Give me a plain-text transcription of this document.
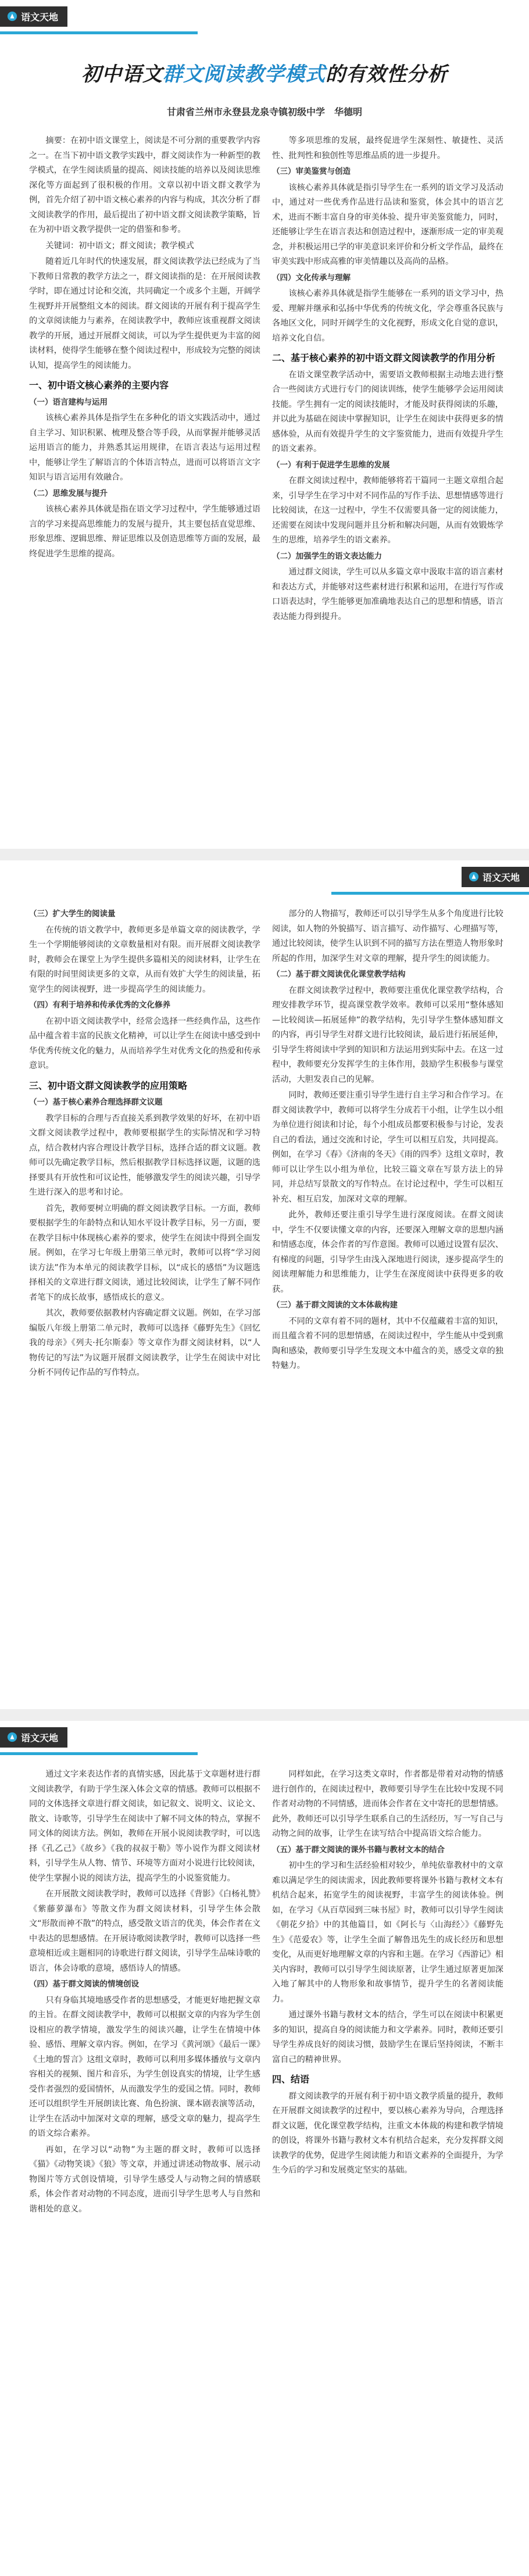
语文天地
初中语文群文阅读教学模式的有效性分析
甘肃省兰州市永登县龙泉寺镇初级中学　华德明

摘要：在初中语文课堂上，阅读是不可分割的重要教学内容之一。在当下初中语文教学实践中，群文阅读作为一种新型的教学模式，在学生阅读质量的提高、阅读技能的培养以及阅读思维深化等方面起到了很积极的作用。文章以初中语文群文教学为例，首先介绍了初中语文核心素养的内容与构成，其次分析了群文阅读教学的作用，最后提出了初中语文群文阅读教学策略，旨在为初中语文教学提供一定的借鉴和参考。

关键词：初中语文；群文阅读；教学模式

随着近几年时代的快速发展，群文阅读教学法已经成为了当下教师日常教的教学方法之一，群文阅读指的是：在开展阅读教学时，即在通过讨论和交流，共同确定一个或多个主题，开阔学生视野并开展整组文本的阅读。群文阅读的开展有利于提高学生的文章阅读能力与素养，在阅读教学中，教师应该重视群文阅读教学的开展，通过开展群文阅读，可以为学生提供更为丰富的阅读材料，使得学生能够在整个阅读过程中，形成较为完整的阅读认知，提高学生的阅读能力。

一、初中语文核心素养的主要内容

（一）语言建构与运用

该核心素养具体是指学生在多种化的语文实践活动中，通过自主学习、知识积累、梳理及整合等手段，从而掌握并能够灵活运用语言的能力，并熟悉其运用规律，在语言表达与运用过程中，能够让学生了解语言的个体语言特点，进而可以将语言文字知识与语言运用有效融合。

（二）思维发展与提升

该核心素养具体就是指在语文学习过程中，学生能够通过语言的学习来提高思维能力的发展与提升，其主要包括直觉思维、形象思维、逻辑思维、辩证思维以及创造思维等方面的发展，最终促进学生思维的提高。

等多项思维的发展，最终促进学生深刻性、敏捷性、灵活性、批判性和独创性等思维品质的进一步提升。

（三）审美鉴赏与创造

该核心素养具体就是指引导学生在一系列的语文学习及活动中，通过对一些优秀作品进行品读和鉴赏，体会其中的语言艺术，进而不断丰富自身的审美体验、提升审美鉴赏能力，同时，还能够让学生在语言表达和创造过程中，逐渐形成一定的审美观念，并积极运用已学的审美意识来评价和分析文学作品，最终在审美实践中形成高雅的审美情趣以及高尚的品格。

（四）文化传承与理解

该核心素养具体就是指学生能够在一系列的语文学习中，热爱、理解并继承和弘扬中华优秀的传统文化，学会尊重各民族与各地区文化，同时开阔学生的文化视野，形成文化自觉的意识，培养文化自信。

二、基于核心素养的初中语文群文阅读教学的作用分析

在语文课堂教学活动中，需要语文教师根据主动地去进行整合一些阅读方式进行专门的阅读训练，使学生能够学会运用阅读技能。学生拥有一定的阅读技能时，才能及时获得阅读的乐趣，并以此为基础在阅读中掌握知识，让学生在阅读中获得更多的情感体验，从而有效提升学生的文字鉴赏能力，进而有效提升学生的语文素养。

（一）有利于促进学生思维的发展

在群文阅读过程中，教师能够将若干篇同一主题文章组合起来，引导学生在学习中对不同作品的写作手法、思想情感等进行比较阅读，在这一过程中，学生不仅需要具备一定的阅读能力，还需要在阅读中发现问题并且分析和解决问题，从而有效锻炼学生的思维，培养学生的语文素养。

（二）加强学生的语文表达能力

通过群文阅读，学生可以从多篇文章中汲取丰富的语言素材和表达方式，并能够对这些素材进行积累和运用，在进行写作或口语表达时，学生能够更加准确地表达自己的思想和情感，语言表达能力得到提升。

语文天地

（三）扩大学生的阅读量

在传统的语文教学中，教师更多是单篇文章的阅读教学，学生一个学期能够阅读的文章数量相对有限。而开展群文阅读教学时，教师会在课堂上为学生提供多篇相关的阅读材料，让学生在有限的时间里阅读更多的文章，从而有效扩大学生的阅读量，拓宽学生的阅读视野，进一步提高学生的阅读能力。

（四）有利于培养和传承优秀的文化修养

在初中语文阅读教学中，经常会选择一些经典作品，这些作品中蕴含着丰富的民族文化精神，可以让学生在阅读中感受到中华优秀传统文化的魅力，从而培养学生对优秀文化的热爱和传承意识。

三、初中语文群文阅读教学的应用策略

（一）基于核心素养合理选择群文议题

教学目标的合理与否直接关系到教学效果的好坏，在初中语文群文阅读教学过程中，教师要根据学生的实际情况和学习特点，结合教材内容合理设计教学目标，选择合适的群文议题。教师可以先确定教学目标，然后根据教学目标选择议题，议题的选择要具有开放性和可议论性，能够激发学生的阅读兴趣，引导学生进行深入的思考和讨论。

首先，教师要树立明确的群文阅读教学目标。一方面，教师要根据学生的年龄特点和认知水平设计教学目标，另一方面，要在教学目标中体现核心素养的要求，使学生在阅读中得到全面发展。例如，在学习七年级上册第三单元时，教师可以将“学习阅读方法”作为本单元的阅读教学目标，以“成长的感悟”为议题选择相关的文章进行群文阅读，通过比较阅读，让学生了解不同作者笔下的成长故事，感悟成长的意义。

其次，教师要依据教材内容确定群文议题。例如，在学习部编版八年级上册第二单元时，教师可以选择《藤野先生》《回忆我的母亲》《列夫·托尔斯泰》等文章作为群文阅读材料，以“人物传记的写法”为议题开展群文阅读教学，让学生在阅读中对比分析不同传记作品的写作特点。

部分的人物描写，教师还可以引导学生从多个角度进行比较阅读，如人物的外貌描写、语言描写、动作描写、心理描写等，通过比较阅读，使学生认识到不同的描写方法在塑造人物形象时所起的作用，加深学生对文章的理解，提升学生的阅读能力。

（二）基于群文阅读优化课堂教学结构

在群文阅读教学过程中，教师要注重优化课堂教学结构，合理安排教学环节，提高课堂教学效率。教师可以采用“整体感知—比较阅读—拓展延伸”的教学结构，先引导学生整体感知群文的内容，再引导学生对群文进行比较阅读，最后进行拓展延伸，引导学生将阅读中学到的知识和方法运用到实际中去。在这一过程中，教师要充分发挥学生的主体作用，鼓励学生积极参与课堂活动，大胆发表自己的见解。

同时，教师还要注重引导学生进行自主学习和合作学习。在群文阅读教学中，教师可以将学生分成若干小组，让学生以小组为单位进行阅读和讨论，每个小组成员都要积极参与讨论，发表自己的看法，通过交流和讨论，学生可以相互启发，共同提高。例如，在学习《春》《济南的冬天》《雨的四季》这组文章时，教师可以让学生以小组为单位，比较三篇文章在写景方法上的异同，并总结写景散文的写作特点。在讨论过程中，学生可以相互补充、相互启发，加深对文章的理解。

此外，教师还要注重引导学生进行深度阅读。在群文阅读中，学生不仅要读懂文章的内容，还要深入理解文章的思想内涵和情感态度，体会作者的写作意图。教师可以通过设置有层次、有梯度的问题，引导学生由浅入深地进行阅读，逐步提高学生的阅读理解能力和思维能力，让学生在深度阅读中获得更多的收获。

（三）基于群文阅读的文本体裁构建

不同的文章有着不同的题材，其中不仅蕴藏着丰富的知识，而且蕴含着不同的思想情感，在阅读过程中，学生能从中受到熏陶和感染，教师要引导学生发现文本中蕴含的美，感受文章的独特魅力。

语文天地

通过文字来表达作者的真情实感，因此基于文章题材进行群文阅读教学，有助于学生深入体会文章的情感。教师可以根据不同的文体选择文章进行群文阅读，如记叙文、说明文、议论文、散文、诗歌等，引导学生在阅读中了解不同文体的特点，掌握不同文体的阅读方法。例如，教师在开展小说阅读教学时，可以选择《孔乙己》《故乡》《我的叔叔于勒》等小说作为群文阅读材料，引导学生从人物、情节、环境等方面对小说进行比较阅读，使学生掌握小说的阅读方法，提高学生的小说鉴赏能力。

在开展散文阅读教学时，教师可以选择《背影》《白杨礼赞》《紫藤萝瀑布》等散文作为群文阅读材料，引导学生体会散文“形散而神不散”的特点，感受散文语言的优美，体会作者在文中表达的思想感情。在开展诗歌阅读教学时，教师可以选择一些意境相近或主题相同的诗歌进行群文阅读，引导学生品味诗歌的语言，体会诗歌的意境，感悟诗人的情感。

（四）基于群文阅读的情境创设

只有身临其境地感受作者的思想感受，才能更好地把握文章的主旨。在群文阅读教学中，教师可以根据文章的内容为学生创设相应的教学情境，激发学生的阅读兴趣，让学生在情境中体验、感悟、理解文章内容。例如，在学习《黄河颂》《最后一课》《土地的誓言》这组文章时，教师可以利用多媒体播放与文章内容相关的视频、图片和音乐，为学生创设真实的情境，让学生感受作者强烈的爱国情怀，从而激发学生的爱国之情。同时，教师还可以组织学生开展朗读比赛、角色扮演、课本剧表演等活动，让学生在活动中加深对文章的理解，感受文章的魅力，提高学生的语文综合素养。

再如，在学习以“动物”为主题的群文时，教师可以选择《猫》《动物笑谈》《狼》等文章，并通过讲述动物故事、展示动物图片等方式创设情境，引导学生感受人与动物之间的情感联系，体会作者对动物的不同态度，进而引导学生思考人与自然和谐相处的意义。

同样如此，在学习这类文章时，作者都是带着对动物的情感进行创作的，在阅读过程中，教师要引导学生在比较中发现不同作者对动物的不同情感，进而体会作者在文中寄托的思想情感。此外，教师还可以引导学生联系自己的生活经历，写一写自己与动物之间的故事，让学生在读写结合中提高语文综合能力。

（五）基于群文阅读的课外书籍与教材文本的结合

初中生的学习和生活经验相对较少，单纯依靠教材中的文章难以满足学生的阅读需求，因此教师要将课外书籍与教材文本有机结合起来，拓宽学生的阅读视野，丰富学生的阅读体验。例如，在学习《从百草园到三味书屋》时，教师可以引导学生阅读《朝花夕拾》中的其他篇目，如《阿长与〈山海经〉》《藤野先生》《范爱农》等，让学生全面了解鲁迅先生的成长经历和思想变化，从而更好地理解文章的内容和主题。在学习《西游记》相关内容时，教师可以引导学生阅读原著，让学生通过原著更加深入地了解其中的人物形象和故事情节，提升学生的名著阅读能力。

通过课外书籍与教材文本的结合，学生可以在阅读中积累更多的知识，提高自身的阅读能力和文学素养。同时，教师还要引导学生养成良好的阅读习惯，鼓励学生在课后坚持阅读，不断丰富自己的精神世界。

四、结语

群文阅读教学的开展有利于初中语文教学质量的提升，教师在开展群文阅读教学的过程中，要以核心素养为导向，合理选择群文议题，优化课堂教学结构，注重文本体裁的构建和教学情境的创设，将课外书籍与教材文本有机结合起来，充分发挥群文阅读教学的优势，促进学生阅读能力和语文素养的全面提升，为学生今后的学习和发展奠定坚实的基础。
